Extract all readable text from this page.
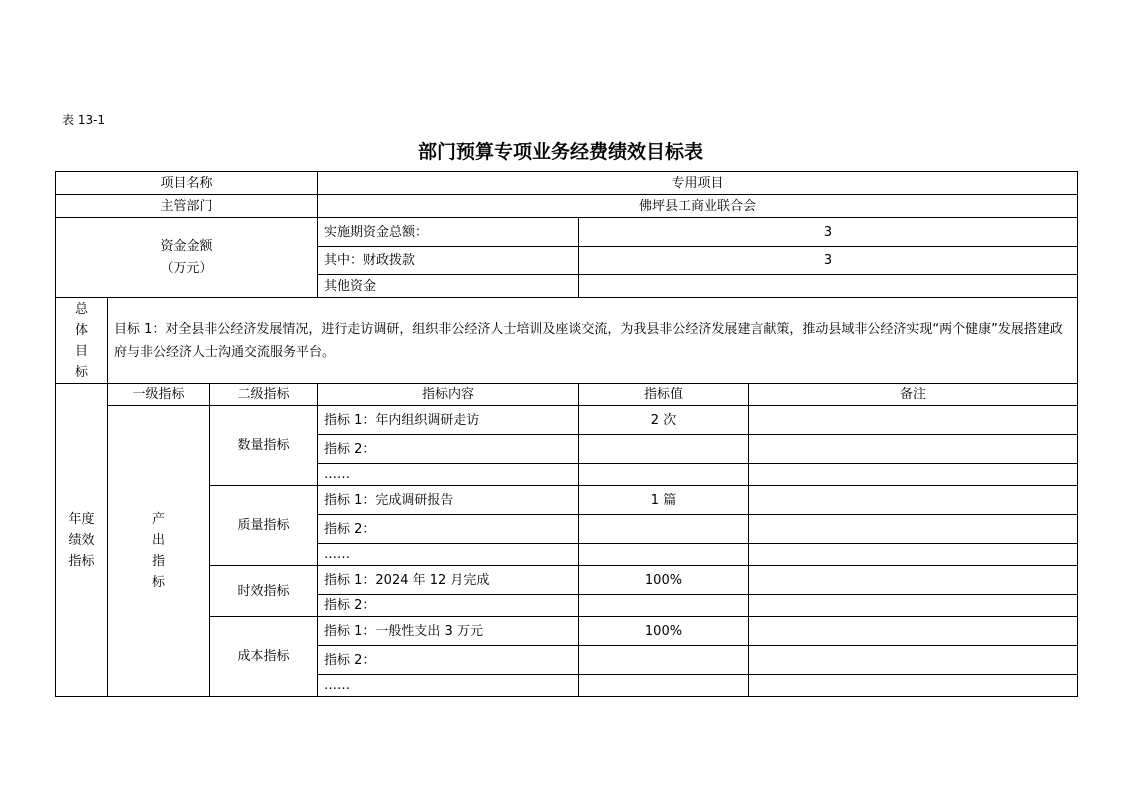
表 13-1
部门预算专项业务经费绩效目标表
项目名称			专用项目		
主管部门			佛坪县工商业联合会		

资金金额
（万元）			实施期资金总额：	3	
			其中：财政拨款	3	
			其他资金		
总体目标	目标 1：对全县非公经济发展情况，进行走访调研，组织非公经济人士培训及座谈交流，为我县非公经济发展建言献策，推动县域非公经济实现“两个健康”发展搭建政府与非公经济人士沟通交流服务平台。				
年度绩效指标	一级指标	二级指标	指标内容	指标值	备注
	产出指标	数量指标	指标 1：年内组织调研走访	2 次	
			指标 2：		
			……		
		质量指标	指标 1：完成调研报告	1 篇	
			指标 2：		
			……		
		时效指标	指标 1：2024 年 12 月完成	100%	
			指标 2：		
		成本指标	指标 1：一般性支出 3 万元	100%	
			指标 2：		
			……		
